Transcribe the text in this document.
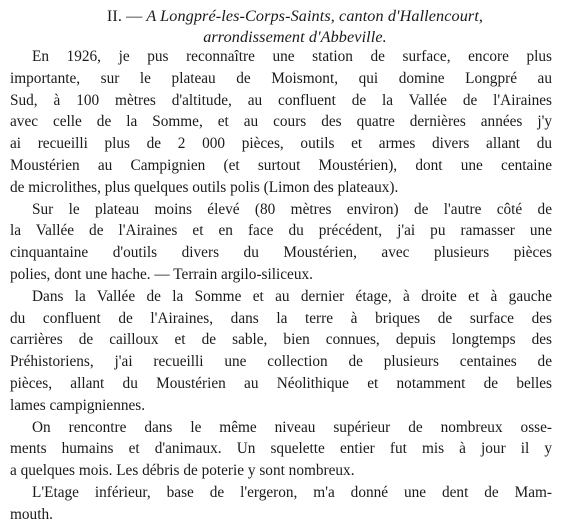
II. — A Longpré-les-Corps-Saints, canton d'Hallencourt,
arrondissement d'Abbeville.
En 1926, je pus reconnaître une station de surface, encore plus
importante, sur le plateau de Moismont, qui domine Longpré au
Sud, à 100 mètres d'altitude, au confluent de la Vallée de l'Airaines
avec celle de la Somme, et au cours des quatre dernières années j'y
ai recueilli plus de 2 000 pièces, outils et armes divers allant du
Moustérien au Campignien (et surtout Moustérien), dont une centaine
de microlithes, plus quelques outils polis (Limon des plateaux).
Sur le plateau moins élevé (80 mètres environ) de l'autre côté de
la Vallée de l'Airaines et en face du précédent, j'ai pu ramasser une
cinquantaine d'outils divers du Moustérien, avec plusieurs pièces
polies, dont une hache. — Terrain argilo-siliceux.
Dans la Vallée de la Somme et au dernier étage, à droite et à gauche
du confluent de l'Airaines, dans la terre à briques de surface des
carrières de cailloux et de sable, bien connues, depuis longtemps des
Préhistoriens, j'ai recueilli une collection de plusieurs centaines de
pièces, allant du Moustérien au Néolithique et notamment de belles
lames campigniennes.
On rencontre dans le même niveau supérieur de nombreux osse-
ments humains et d'animaux. Un squelette entier fut mis à jour il y
a quelques mois. Les débris de poterie y sont nombreux.
L'Etage inférieur, base de l'ergeron, m'a donné une dent de Mam-
mouth.
